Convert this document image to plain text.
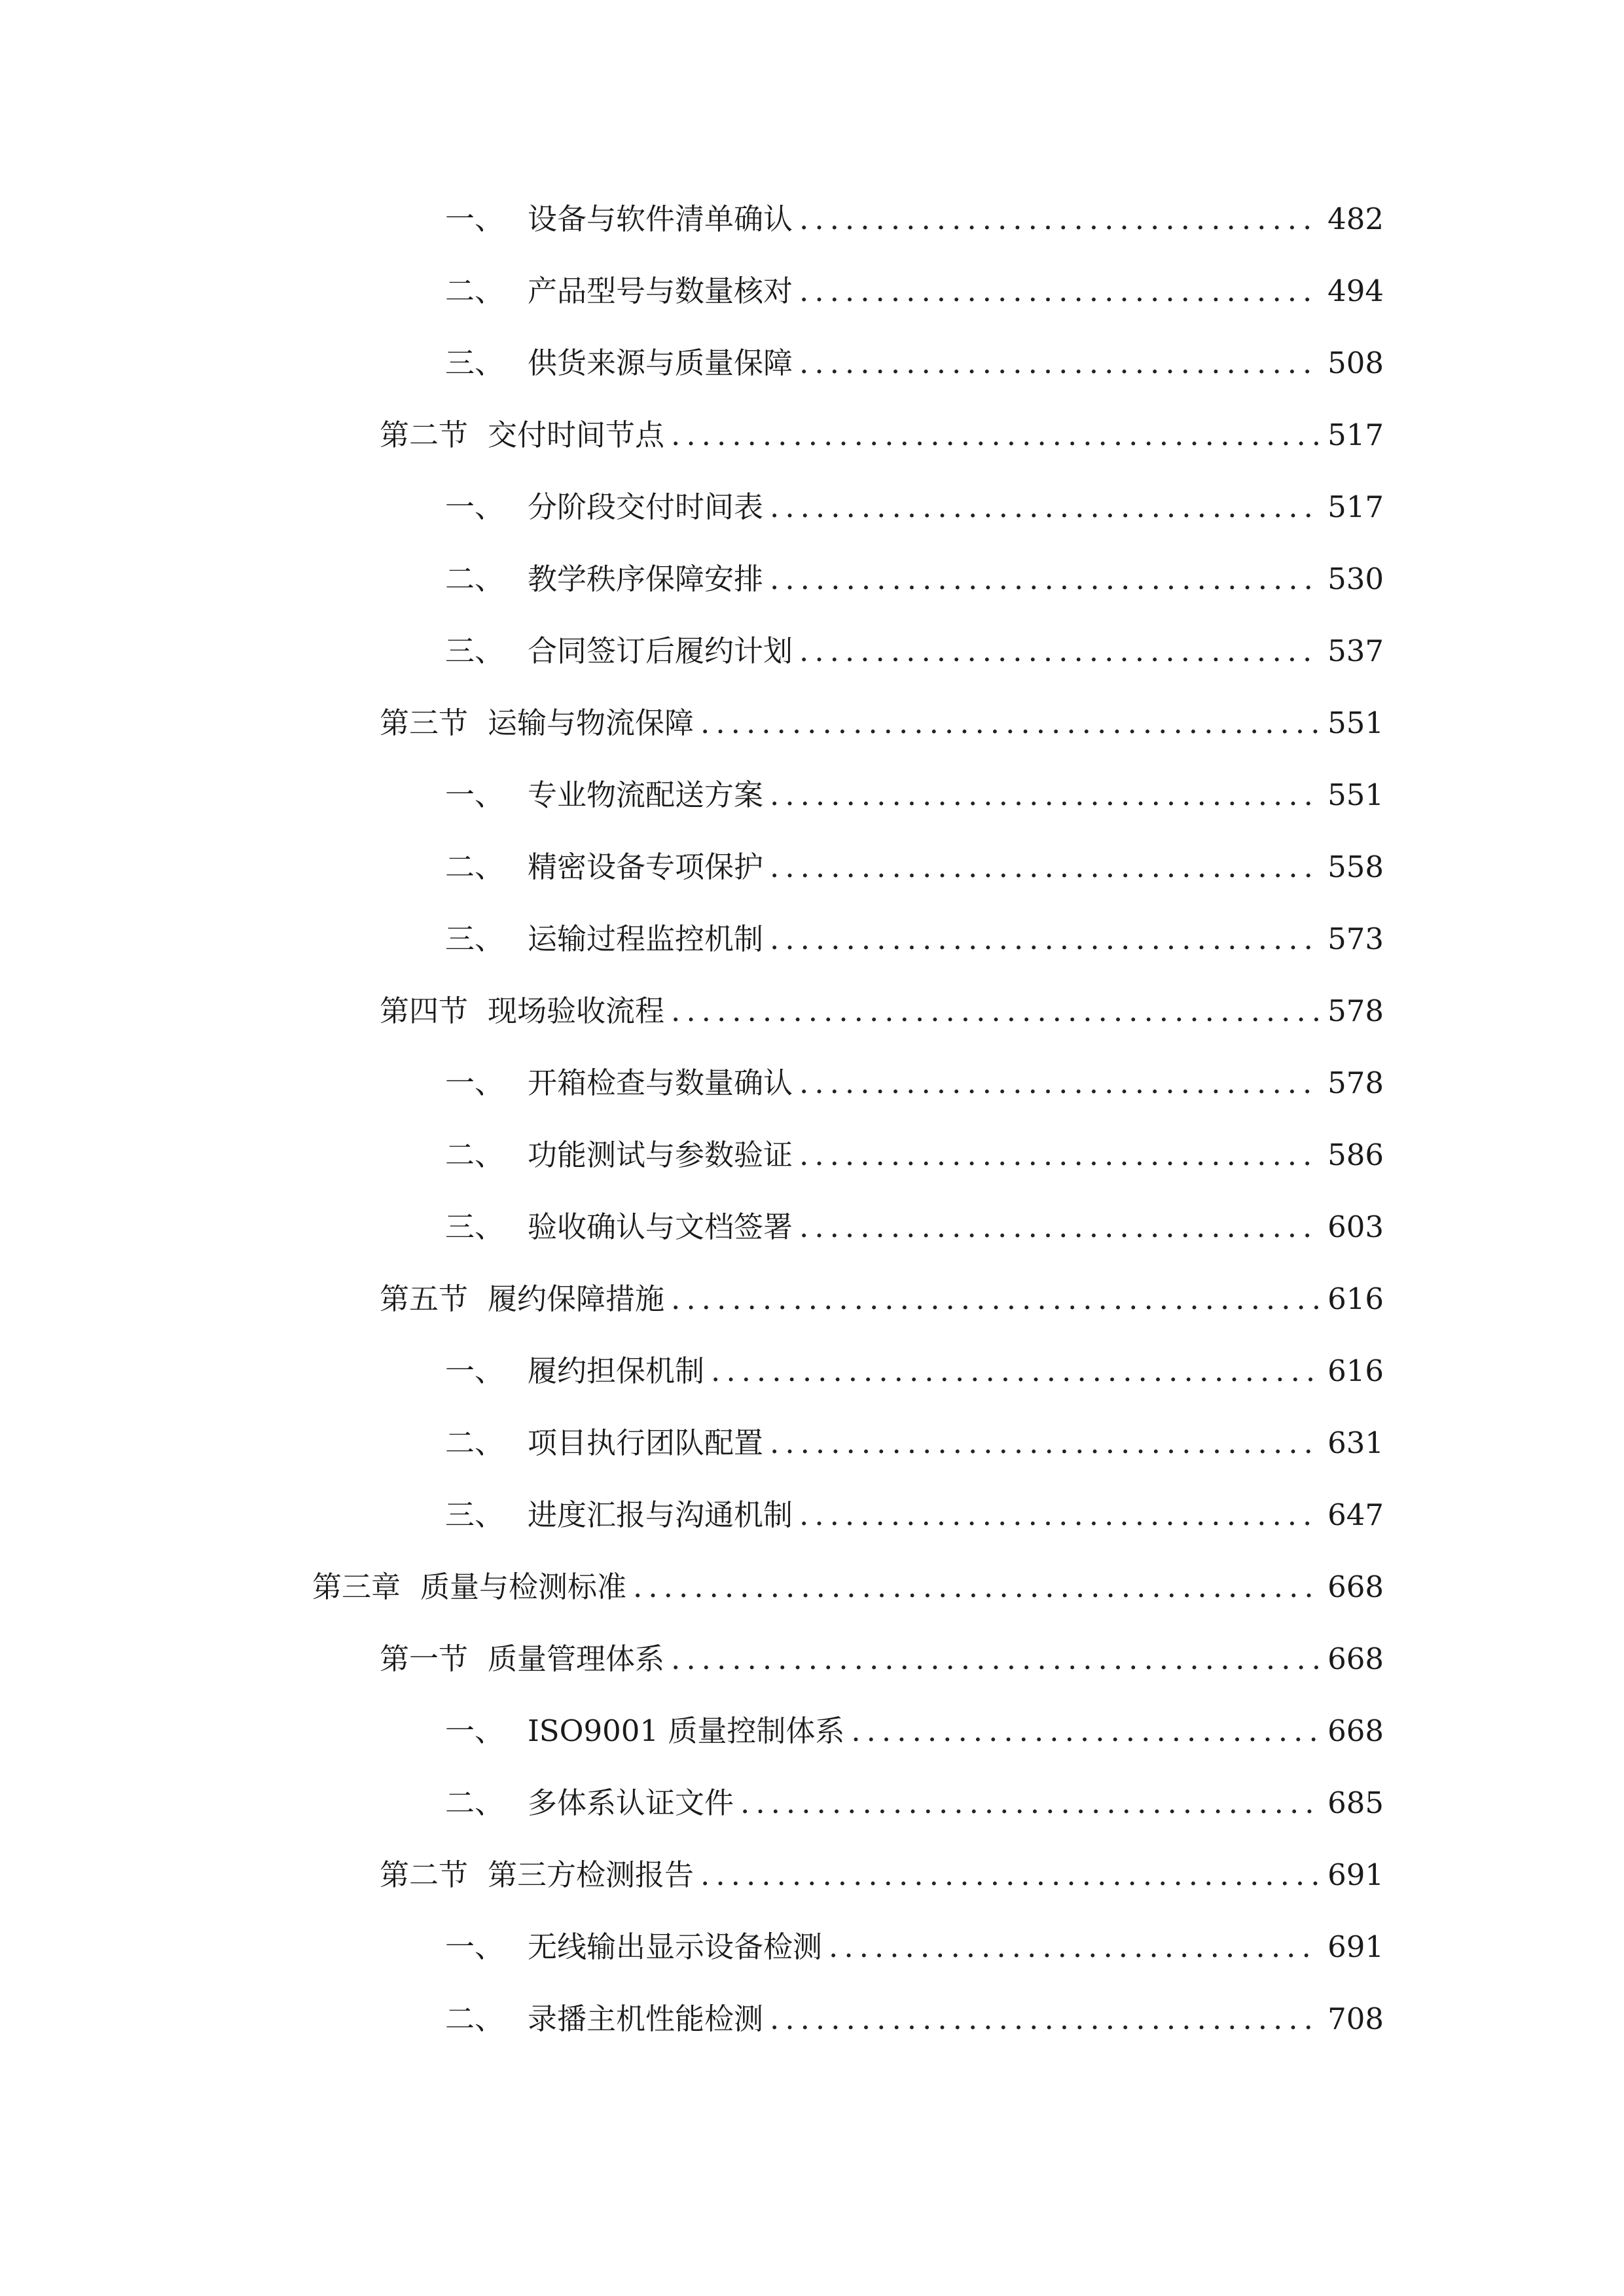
一、 设备与软件清单确认 .....	482
二、 产品型号与数量核对 .....	494
三、 供货来源与质量保障 .....	508
第二节 交付时间节点 .....	517
一、 分阶段交付时间表 .....	517
二、 教学秩序保障安排 .....	530
三、 合同签订后履约计划 .....	537
第三节 运输与物流保障 .....	551
一、 专业物流配送方案 .....	551
二、 精密设备专项保护 .....	558
三、 运输过程监控机制 .....	573
第四节 现场验收流程 .....	578
一、 开箱检查与数量确认 .....	578
二、 功能测试与参数验证 .....	586
三、 验收确认与文档签署 .....	603
第五节 履约保障措施 .....	616
一、 履约担保机制 .....	616
二、 项目执行团队配置 .....	631
三、 进度汇报与沟通机制 .....	647
第三章 质量与检测标准 .....	668
第一节 质量管理体系 .....	668
一、 ISO9001 质量控制体系 .....	668
二、 多体系认证文件 .....	685
第二节 第三方检测报告 .....	691
一、 无线输出显示设备检测 .....	691
二、 录播主机性能检测 .....	708
